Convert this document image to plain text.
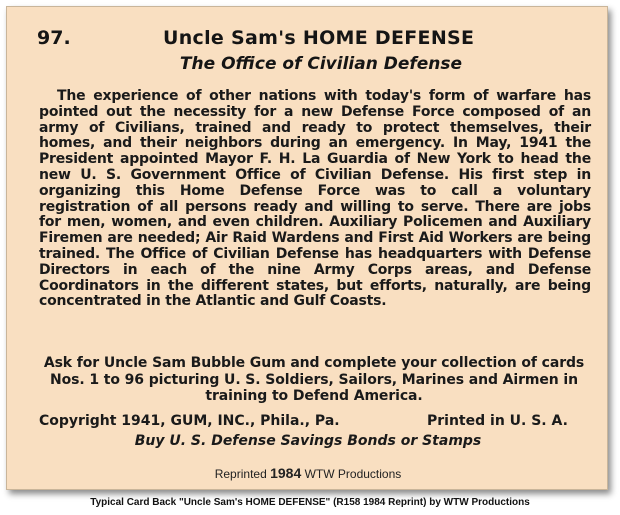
97.	Uncle Sam's HOME DEFENSE
The Office of Civilian Defense

The experience of other nations with today's form of warfare has pointed out the necessity for a new Defense Force composed of an army of Civilians, trained and ready to protect themselves, their homes, and their neighbors during an emergency. In May, 1941 the President appointed Mayor F. H. La Guardia of New York to head the new U. S. Government Office of Civilian Defense. His first step in organizing this Home Defense Force was to call a voluntary registration of all persons ready and willing to serve. There are jobs for men, women, and even children. Auxiliary Policemen and Auxiliary Firemen are needed; Air Raid Wardens and First Aid Workers are being trained. The Office of Civilian Defense has headquarters with Defense Directors in each of the nine Army Corps areas, and Defense Coordinators in the different states, but efforts, naturally, are being concentrated in the Atlantic and Gulf Coasts.

Ask for Uncle Sam Bubble Gum and complete your collection of cards Nos. 1 to 96 picturing U. S. Soldiers, Sailors, Marines and Airmen in training to Defend America.

Copyright 1941, GUM, INC., Phila., Pa.	Printed in U. S. A.
Buy U. S. Defense Savings Bonds or Stamps
Reprinted 1984 WTW Productions
Typical Card Back "Uncle Sam's HOME DEFENSE" (R158 1984 Reprint) by WTW Productions
